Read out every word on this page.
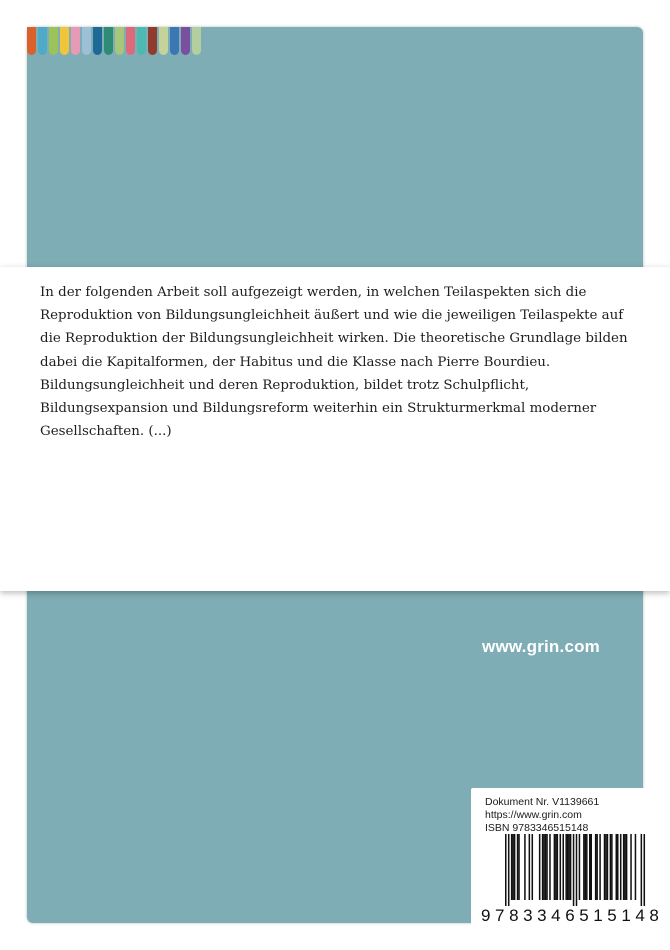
www.grin.com
Dokument Nr. V1139661
https://www.grin.com
ISBN 9783346515148
9 7 8 3 3 4 6 5 1 5 1 4 8

In der folgenden Arbeit soll aufgezeigt werden, in welchen Teilaspekten sich die Reproduktion von Bildungsungleichheit äußert und wie die jeweiligen Teilaspekte auf die Reproduktion der Bildungsungleichheit wirken. Die theoretische Grundlage bilden dabei die Kapitalformen, der Habitus und die Klasse nach Pierre Bourdieu. Bildungsungleichheit und deren Reproduktion, bildet trotz Schulpflicht, Bildungsexpansion und Bildungsreform weiterhin ein Strukturmerkmal moderner Gesellschaften. (...)
